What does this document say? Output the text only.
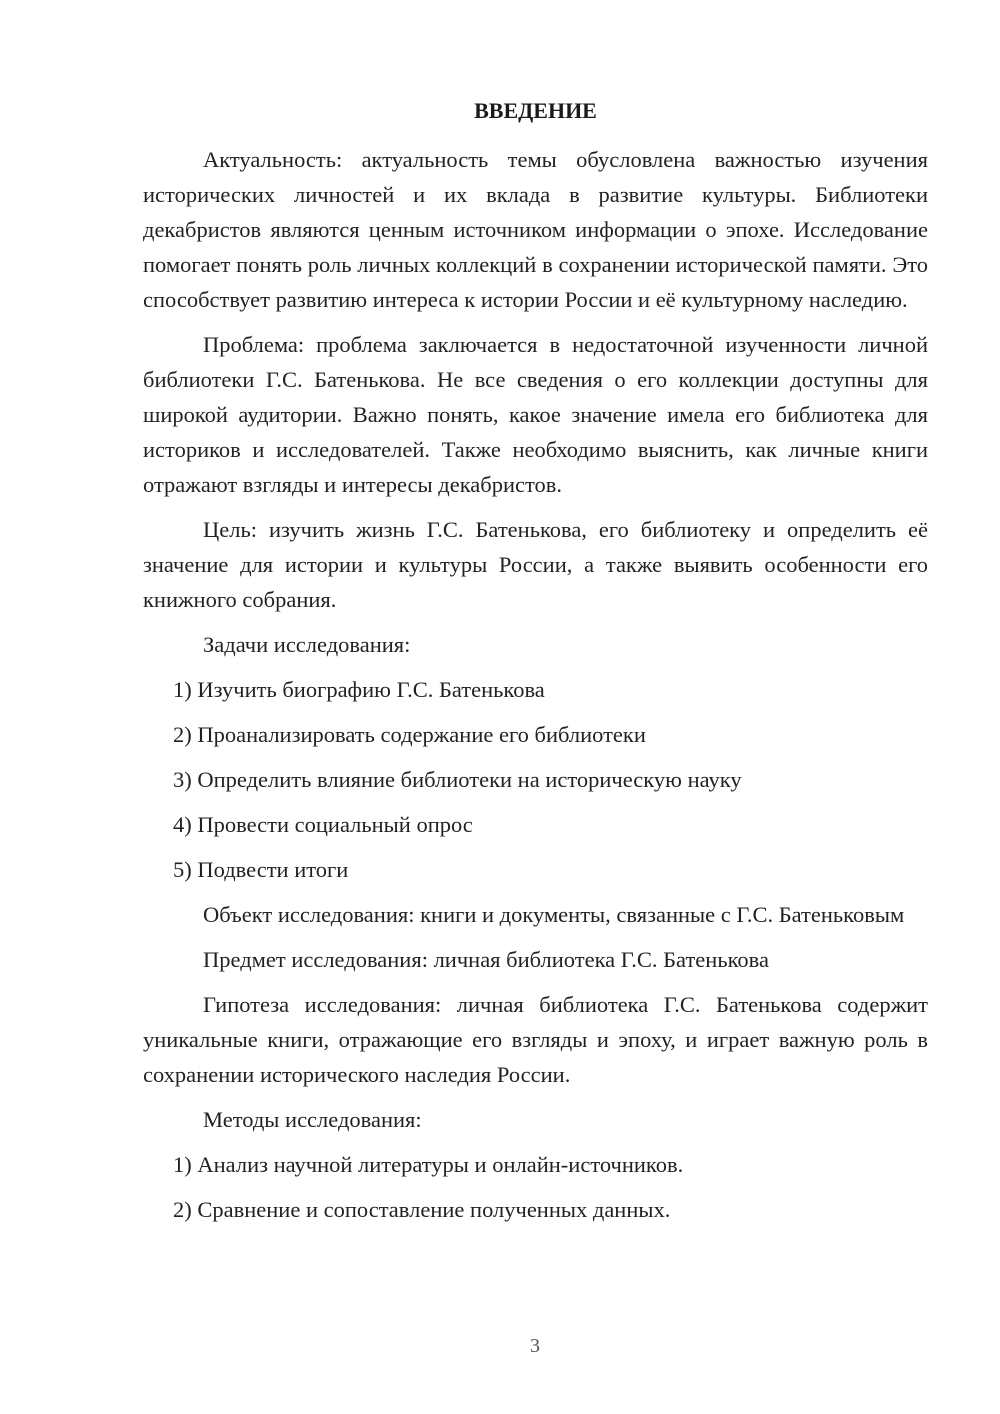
ВВЕДЕНИЕ

Актуальность: актуальность темы обусловлена важностью изучения исторических личностей и их вклада в развитие культуры. Библиотеки декабристов являются ценным источником информации о эпохе. Исследование помогает понять роль личных коллекций в сохранении исторической памяти. Это способствует развитию интереса к истории России и её культурному наследию.

Проблема: проблема заключается в недостаточной изученности личной библиотеки Г.С. Батенькова. Не все сведения о его коллекции доступны для широкой аудитории. Важно понять, какое значение имела его библиотека для историков и исследователей. Также необходимо выяснить, как личные книги отражают взгляды и интересы декабристов.

Цель: изучить жизнь Г.С. Батенькова, его библиотеку и определить её значение для истории и культуры России, а также выявить особенности его книжного собрания.

Задачи исследования:

1) Изучить биографию Г.С. Батенькова

2) Проанализировать содержание его библиотеки

3) Определить влияние библиотеки на историческую науку

4) Провести социальный опрос

5) Подвести итоги

Объект исследования: книги и документы, связанные с Г.С. Батеньковым

Предмет исследования: личная библиотека Г.С. Батенькова

Гипотеза исследования: личная библиотека Г.С. Батенькова содержит уникальные книги, отражающие его взгляды и эпоху, и играет важную роль в сохранении исторического наследия России.

Методы исследования:

1) Анализ научной литературы и онлайн-источников.

2) Сравнение и сопоставление полученных данных.

3
